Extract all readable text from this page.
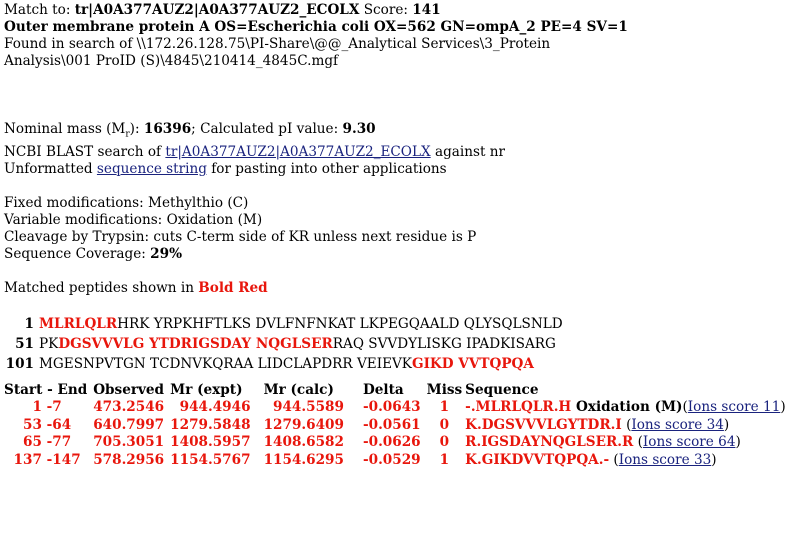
Match to: tr|A0A377AUZ2|A0A377AUZ2_ECOLX Score: 141
Outer membrane protein A OS=Escherichia coli OX=562 GN=ompA_2 PE=4 SV=1
Found in search of \\172.26.128.75\PI-Share\@@_Analytical Services\3_Protein
Analysis\001 ProID (S)\4845\210414_4845C.mgf
Nominal mass $(M_r)$: 16396; Calculated pI value: 9.30
NCBI BLAST search of tr|A0A377AUZ2|A0A377AUZ2_ECOLX against nr
Unformatted sequence string for pasting into other applications
Fixed modifications: Methylthio (C)
Variable modifications: Oxidation (M)
Cleavage by Trypsin: cuts C-term side of KR unless next residue is P
Sequence Coverage: 29%
Matched peptides shown in Bold Red
1 MLRLQLRHRK YRPKHFTLKS DVLFNFNKAT LKPEGQAALD QLYSQLSNLD
51 PKDGSVVVLG YTDRIGSDAY NQGLSERRAQ SVVDYLISKG IPADKISARG
101 MGESNPVTGN TCDNVKQRAA LIDCLAPDRR VEIEVKGIKD VVTQPQA
Start - End	Observed	Mr (expt)	Mr (calc)	Delta	Miss	Sequence
1 -7	473.2546	944.4946	944.5589	-0.0643	1	-.MLRLQLR.H Oxidation (M)(Ions score 11)
53 -64	640.7997	1279.5848	1279.6409	-0.0561	0	K.DGSVVVLGYTDR.I (Ions score 34)
65 -77	705.3051	1408.5957	1408.6582	-0.0626	0	R.IGSDAYNQGLSER.R (Ions score 64)
137 -147	578.2956	1154.5767	1154.6295	-0.0529	1	K.GIKDVVTQPQA.- (Ions score 33)
